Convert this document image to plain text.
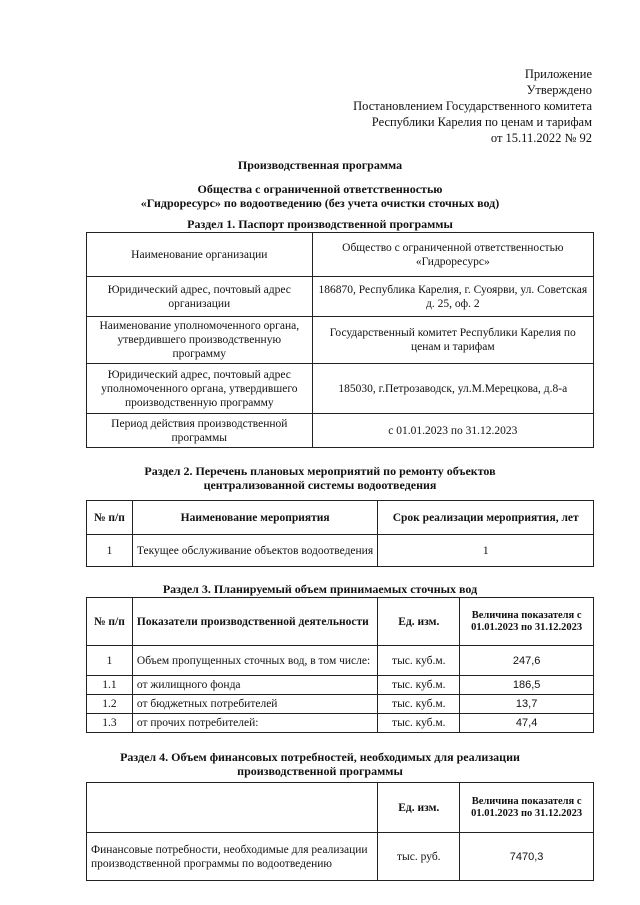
Приложение
Утверждено
Постановлением Государственного комитета
Республики Карелия по ценам и тарифам
от 15.11.2022 № 92
Производственная программа
Общества с ограниченной ответственностью
«Гидроресурс» по водоотведению (без учета очистки сточных вод)
Раздел 1. Паспорт производственной программы
Наименование организации	Общество с ограниченной ответственностью «Гидроресурс»
Юридический адрес, почтовый адрес организации	186870, Республика Карелия, г. Суоярви, ул. Советская д. 25, оф. 2
Наименование уполномоченного органа, утвердившего производственную программу	Государственный комитет Республики Карелия по ценам и тарифам
Юридический адрес, почтовый адрес уполномоченного органа, утвердившего производственную программу	185030, г.Петрозаводск, ул.М.Мерецкова, д.8-а
Период действия производственной программы	с 01.01.2023 по 31.12.2023
Раздел 2. Перечень плановых мероприятий по ремонту объектов
централизованной системы водоотведения
№ п/п	Наименование мероприятия	Срок реализации мероприятия, лет
1	Текущее обслуживание объектов водоотведения	1
Раздел 3. Планируемый объем принимаемых сточных вод
№ п/п	Показатели производственной деятельности	Ед. изм.	Величина показателя с 01.01.2023 по 31.12.2023
1	Объем пропущенных сточных вод, в том числе:	тыс. куб.м.	247,6
1.1	от жилищного фонда	тыс. куб.м.	186,5
1.2	от бюджетных потребителей	тыс. куб.м.	13,7
1.3	от прочих потребителей:	тыс. куб.м.	47,4
Раздел 4. Объем финансовых потребностей, необходимых для реализации
производственной программы
	Ед. изм.	Величина показателя с 01.01.2023 по 31.12.2023
Финансовые потребности, необходимые для реализации производственной программы по водоотведению	тыс. руб.	7470,3
